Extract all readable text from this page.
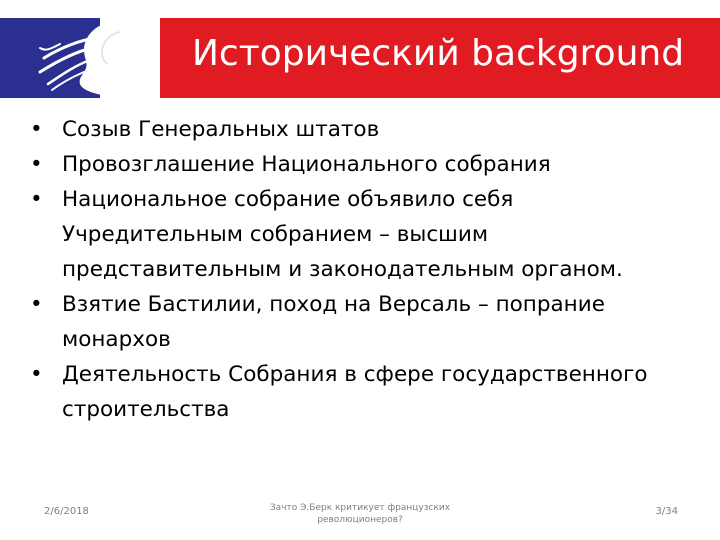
Исторический background
• Созыв Генеральных штатов
• Провозглашение Национального собрания
• Национальное собрание объявило себя Учредительным собранием – высшим представительным и законодательным органом.
• Взятие Бастилии, поход на Версаль – попрание монархов
• Деятельность Собрания в сфере государственного строительства
2/6/2018	Зачто Э.Берк критикует французских революционеров?
3/34
